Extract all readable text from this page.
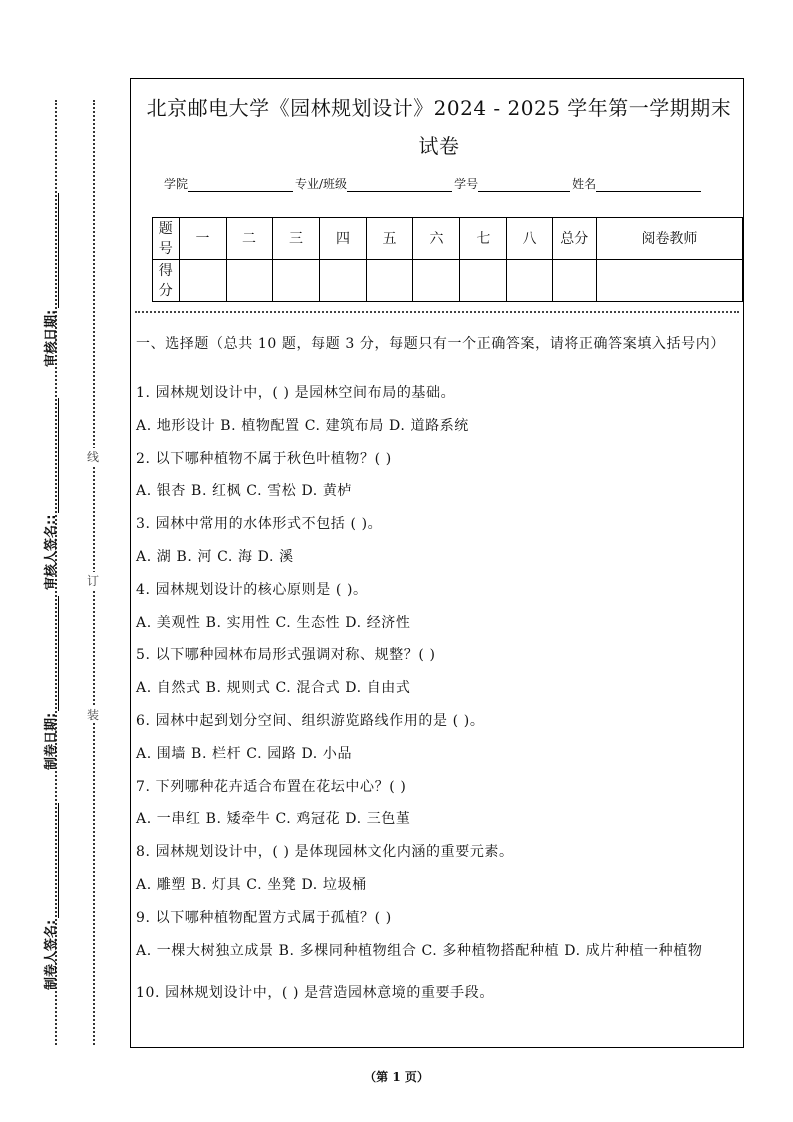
审核日期:
审核人签名::
制卷日期:
制卷人签名:
线
订
装
北京邮电大学《园林规划设计》2024 - 2025 学年第一学期期末试卷
学院	专业/班级	学号	姓名
题号	一	二	三	四	五	六	七	八	总分	阅卷教师
得分										
一、选择题（总共 10 题，每题 3 分，每题只有一个正确答案，请将正确答案填入括号内）
1. 园林规划设计中，( ) 是园林空间布局的基础。
A. 地形设计 B. 植物配置 C. 建筑布局 D. 道路系统
2. 以下哪种植物不属于秋色叶植物？( )
A. 银杏 B. 红枫 C. 雪松 D. 黄栌
3. 园林中常用的水体形式不包括 ( )。
A. 湖 B. 河 C. 海 D. 溪
4. 园林规划设计的核心原则是 ( )。
A. 美观性 B. 实用性 C. 生态性 D. 经济性
5. 以下哪种园林布局形式强调对称、规整？( )
A. 自然式 B. 规则式 C. 混合式 D. 自由式
6. 园林中起到划分空间、组织游览路线作用的是 ( )。
A. 围墙 B. 栏杆 C. 园路 D. 小品
7. 下列哪种花卉适合布置在花坛中心？( )
A. 一串红 B. 矮牵牛 C. 鸡冠花 D. 三色堇
8. 园林规划设计中，( ) 是体现园林文化内涵的重要元素。
A. 雕塑 B. 灯具 C. 坐凳 D. 垃圾桶
9. 以下哪种植物配置方式属于孤植？( )
A. 一棵大树独立成景 B. 多棵同种植物组合 C. 多种植物搭配种植 D. 成片种植一种植物
10. 园林规划设计中，( ) 是营造园林意境的重要手段。
（第 1 页）
